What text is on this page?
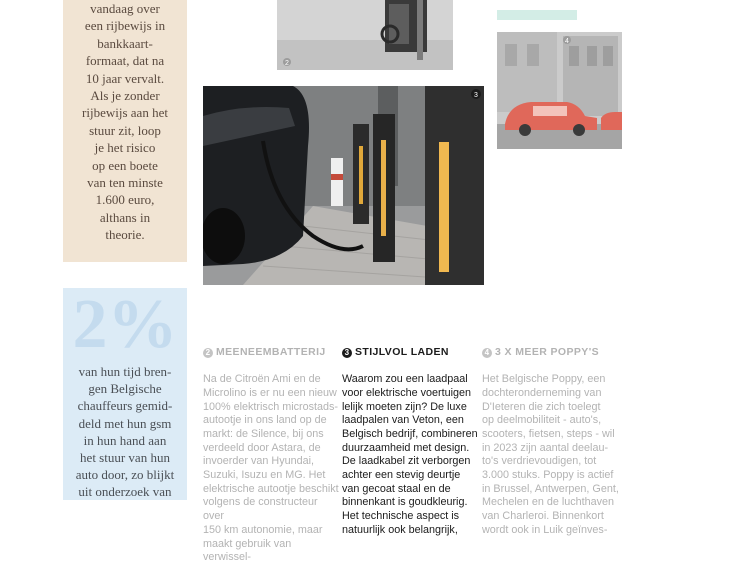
vandaag over
een rijbewijs in
bankkaart-
formaat, dat na
10 jaar vervalt.
Als je zonder
rijbewijs aan het
stuur zit, loop
je het risico
op een boete
van ten minste
1.600 euro,
althans in
theorie.
2%
van hun tijd bren-
gen Belgische
chauffeurs gemid-
deld met hun gsm
in hun hand aan
het stuur van hun
auto door, zo blijkt
uit onderzoek van
2
4
3

2 MEENEEMBATTERIJ

Na de Citroën Ami en de
Microlino is er nu een nieuw
100% elektrisch microstads-
autootje in ons land op de
markt: de Silence, bij ons
verdeeld door Astara, de
invoerder van Hyundai,
Suzuki, Isuzu en MG. Het
elektrische autootje beschikt
volgens de constructeur over
150 km autonomie, maar
maakt gebruik van verwissel-

3 STIJLVOL LADEN

Waarom zou een laadpaal
voor elektrische voertuigen
lelijk moeten zijn? De luxe
laadpalen van Veton, een
Belgisch bedrijf, combineren
duurzaamheid met design.
De laadkabel zit verborgen
achter een stevig deurtje
van gecoat staal en de
binnenkant is goudkleurig.
Het technische aspect is
natuurlijk ook belangrijk,

4 3 X MEER POPPY'S

Het Belgische Poppy, een
dochteronderneming van
D'Ieteren die zich toelegt
op deelmobiliteit - auto's,
scooters, fietsen, steps - wil
in 2023 zijn aantal deelau-
to's verdrievoudigen, tot
3.000 stuks. Poppy is actief
in Brussel, Antwerpen, Gent,
Mechelen en de luchthaven
van Charleroi. Binnenkort
wordt ook in Luik geïnves-
